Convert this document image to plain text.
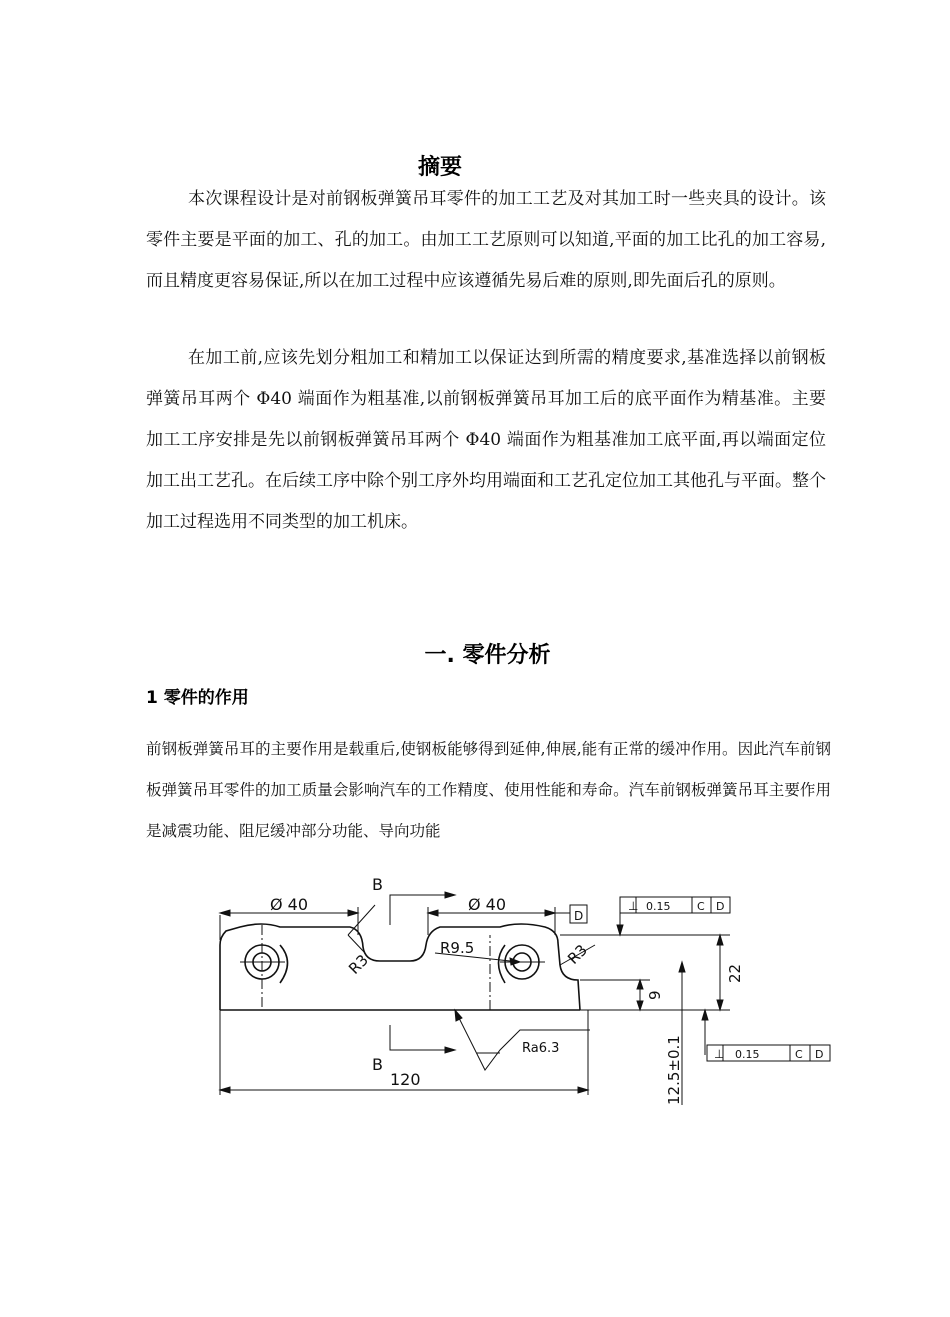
摘要

本次课程设计是对前钢板弹簧吊耳零件的加工工艺及对其加工时一些夹具的设计。该零件主要是平面的加工、孔的加工。由加工工艺原则可以知道,平面的加工比孔的加工容易,而且精度更容易保证,所以在加工过程中应该遵循先易后难的原则,即先面后孔的原则。

在加工前,应该先划分粗加工和精加工以保证达到所需的精度要求,基准选择以前钢板弹簧吊耳两个 Φ40 端面作为粗基准,以前钢板弹簧吊耳加工后的底平面作为精基准。主要加工工序安排是先以前钢板弹簧吊耳两个 Φ40 端面作为粗基准加工底平面,再以端面定位加工出工艺孔。在后续工序中除个别工序外均用端面和工艺孔定位加工其他孔与平面。整个加工过程选用不同类型的加工机床。

一. 零件分析
1 零件的作用

前钢板弹簧吊耳的主要作用是载重后,使钢板能够得到延伸,伸展,能有正常的缓冲作用。因此汽车前钢板弹簧吊耳零件的加工质量会影响汽车的工作精度、使用性能和寿命。汽车前钢板弹簧吊耳主要作用是减震功能、阻尼缓冲部分功能、导向功能

Ø 40	Ø 40
B
B
D
⊥ 0.15 C D
⊥ 0.15	C D
R3
R9.5	R3
22
9
12.5±0.1
Ra6.3
120
